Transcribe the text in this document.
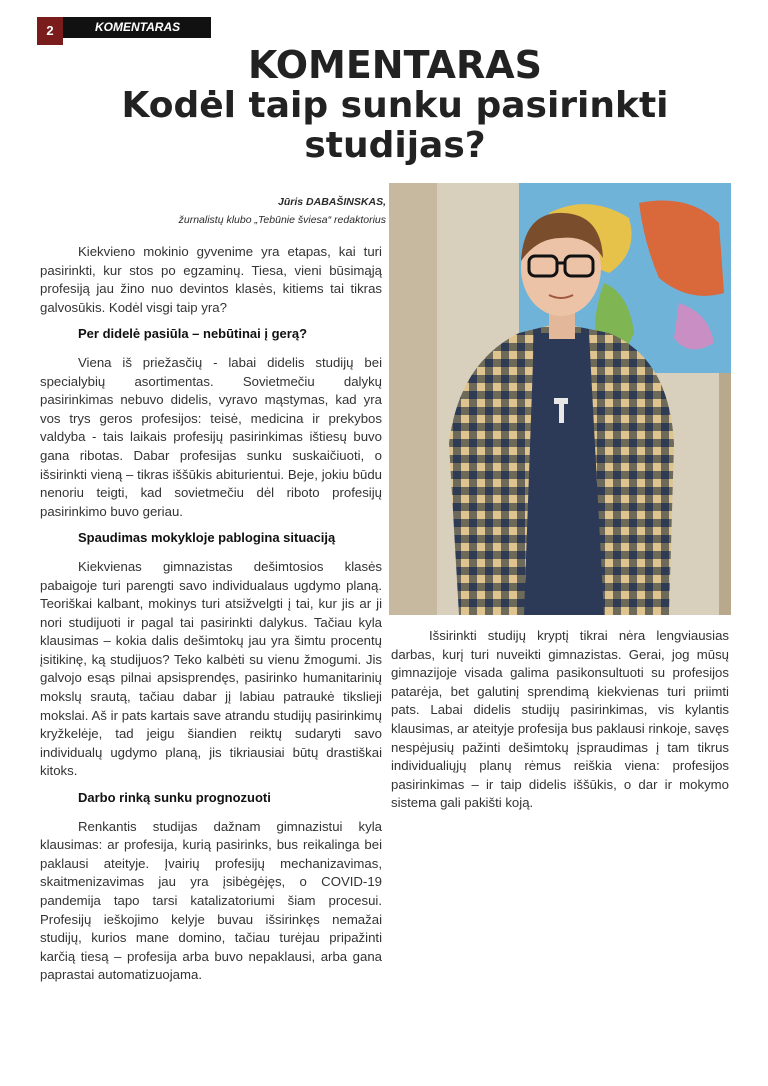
2	KOMENTARAS
KOMENTARAS
Kodėl taip sunku pasirinkti
studijas?
Jūris DABAŠINSKAS,
žurnalistų klubo „Tebūnie šviesa“ redaktorius

Kiekvieno mokinio gyvenime yra etapas, kai turi pasirinkti, kur stos po egzaminų. Tiesa, vieni būsimąją profesiją jau žino nuo devintos klasės, kitiems tai tikras galvosūkis. Kodėl visgi taip yra?

Per didelė pasiūla – nebūtinai į gerą?

Viena iš priežasčių - labai didelis studijų bei specialybių asortimentas. Sovietmečiu dalykų pasirinkimas nebuvo didelis, vyravo mąstymas, kad yra vos trys geros profesijos: teisė, medicina ir prekybos valdyba - tais laikais profesijų pasirinkimas ištiesų buvo gana ribotas. Dabar profesijas sunku suskaičiuoti, o išsirinkti vieną – tikras iššūkis abiturientui. Beje, jokiu būdu nenoriu teigti, kad sovietmečiu dėl riboto profesijų pasirinkimo buvo geriau.

Spaudimas mokykloje pablogina situaciją

Kiekvienas gimnazistas dešimtosios klasės pabaigoje turi parengti savo individualaus ugdymo planą. Teoriškai kalbant, mokinys turi atsižvelgti į tai, kur jis ar ji nori studijuoti ir pagal tai pasirinkti dalykus. Tačiau kyla klausimas – kokia dalis dešimtokų jau yra šimtu procentų įsitikinę, ką studijuos? Teko kalbėti su vienu žmogumi. Jis galvojo esąs pilnai apsisprendęs, pasirinko humanitarinių mokslų srautą, tačiau dabar jį labiau patraukė tikslieji mokslai. Aš ir pats kartais save atrandu studijų pasirinkimų kryžkelėje, tad jeigu šiandien reiktų sudaryti savo individualų ugdymo planą, jis tikriausiai būtų drastiškai kitoks.

Darbo rinką sunku prognozuoti

Renkantis studijas dažnam gimnazistui kyla klausimas: ar profesija, kurią pasirinks, bus reikalinga bei paklausi ateityje. Įvairių profesijų mechanizavimas, skaitmenizavimas jau yra įsibėgėjęs, o COVID-19 pandemija tapo tarsi katalizatoriumi šiam procesui. Profesijų ieškojimo kelyje buvau išsirinkęs nemažai studijų, kurios mane domino, tačiau turėjau pripažinti karčią tiesą – profesija arba buvo nepaklausi, arba gana paprastai automatizuojama.

Išsirinkti studijų kryptį tikrai nėra lengviausias darbas, kurį turi nuveikti gimnazistas. Gerai, jog mūsų gimnazijoje visada galima pasikonsultuoti su profesijos patarėja, bet galutinį sprendimą kiekvienas turi priimti pats. Labai didelis studijų pasirinkimas, vis kylantis klausimas, ar ateityje profesija bus paklausi rinkoje, savęs nespėjusių pažinti dešimtokų įspraudimas į tam tikrus individualiųjų planų rėmus reiškia viena: profesijos pasirinkimas – ir taip didelis iššūkis, o dar ir mokymo sistema gali pakišti koją.
